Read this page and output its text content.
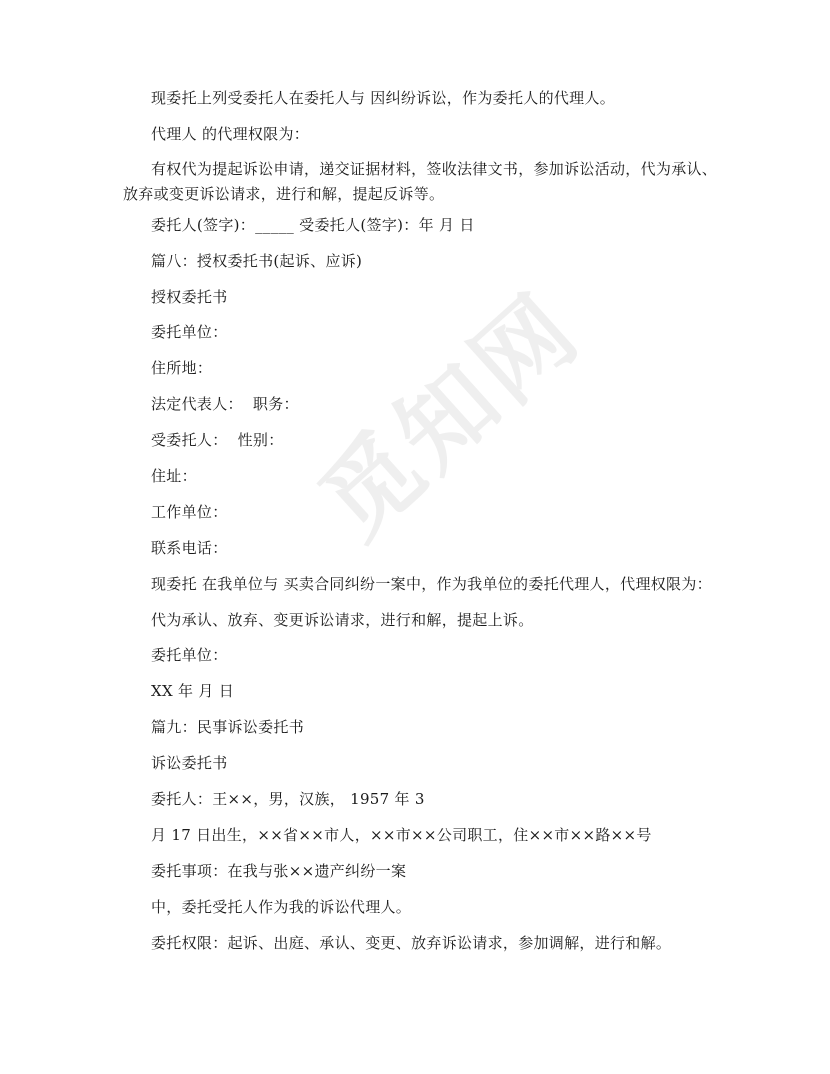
觅知网
现委托上列受委托人在委托人与 因纠纷诉讼，作为委托人的代理人。
代理人 的代理权限为：
有权代为提起诉讼申请，递交证据材料，签收法律文书，参加诉讼活动，代为承认、
放弃或变更诉讼请求，进行和解，提起反诉等。
委托人(签字)：_____ 受委托人(签字)：年 月 日
篇八：授权委托书(起诉、应诉)
授权委托书
委托单位：
住所地：
法定代表人：  职务：
受委托人：  性别：
住址：
工作单位：
联系电话：
现委托 在我单位与 买卖合同纠纷一案中，作为我单位的委托代理人，代理权限为：
代为承认、放弃、变更诉讼请求，进行和解，提起上诉。
委托单位：
XX 年 月 日
篇九：民事诉讼委托书
诉讼委托书
委托人：王××，男，汉族， 1957 年 3
月 17 日出生，××省××市人，××市××公司职工，住××市××路××号
委托事项：在我与张××遗产纠纷一案
中，委托受托人作为我的诉讼代理人。
委托权限：起诉、出庭、承认、变更、放弃诉讼请求，参加调解，进行和解。
